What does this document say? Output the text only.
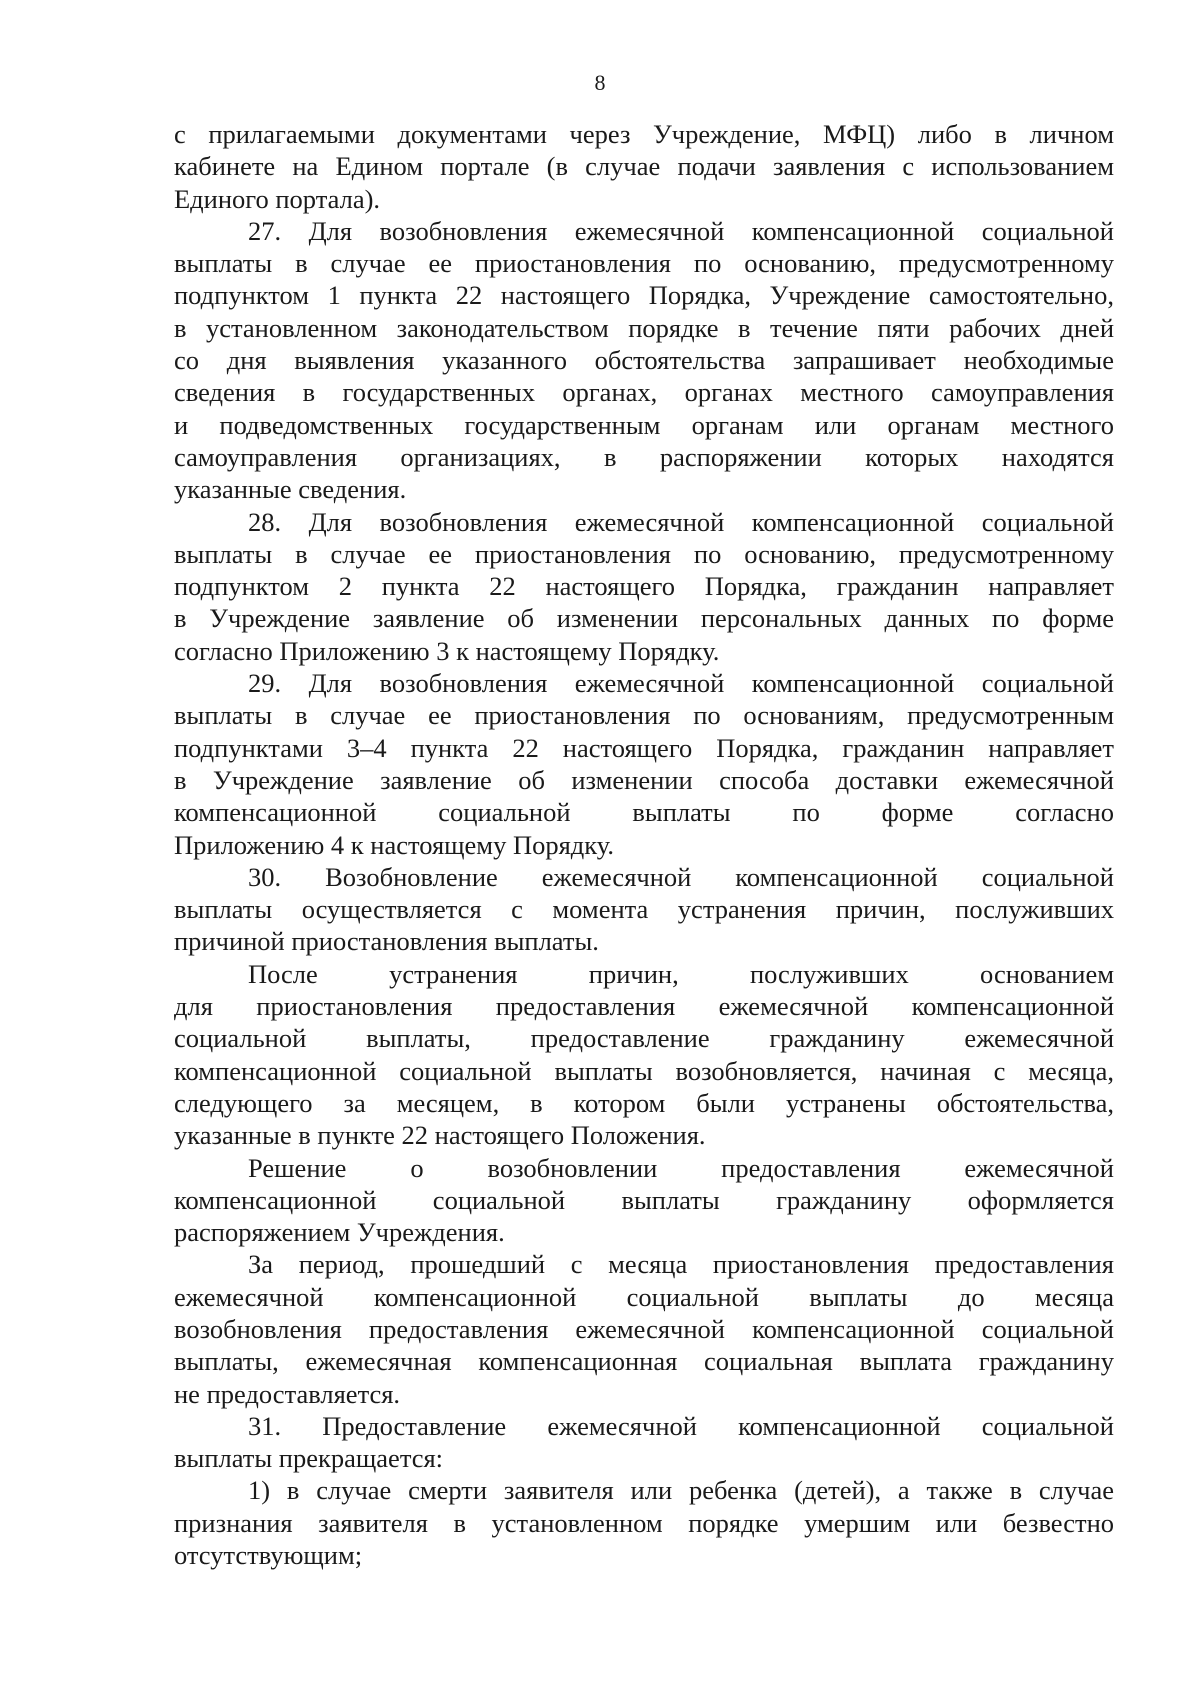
8
с прилагаемыми документами через Учреждение, МФЦ) либо в личном
кабинете на Едином портале (в случае подачи заявления с использованием
Единого портала).
27. Для возобновления ежемесячной компенсационной социальной
выплаты в случае ее приостановления по основанию, предусмотренному
подпунктом 1 пункта 22 настоящего Порядка, Учреждение самостоятельно,
в установленном законодательством порядке в течение пяти рабочих дней
со дня выявления указанного обстоятельства запрашивает необходимые
сведения в государственных органах, органах местного самоуправления
и подведомственных государственным органам или органам местного
самоуправления организациях, в распоряжении которых находятся
указанные сведения.
28. Для возобновления ежемесячной компенсационной социальной
выплаты в случае ее приостановления по основанию, предусмотренному
подпунктом 2 пункта 22 настоящего Порядка, гражданин направляет
в Учреждение заявление об изменении персональных данных по форме
согласно Приложению 3 к настоящему Порядку.
29. Для возобновления ежемесячной компенсационной социальной
выплаты в случае ее приостановления по основаниям, предусмотренным
подпунктами 3–4 пункта 22 настоящего Порядка, гражданин направляет
в Учреждение заявление об изменении способа доставки ежемесячной
компенсационной социальной выплаты по форме согласно
Приложению 4 к настоящему Порядку.
30. Возобновление ежемесячной компенсационной социальной
выплаты осуществляется с момента устранения причин, послуживших
причиной приостановления выплаты.
После устранения причин, послуживших основанием
для приостановления предоставления ежемесячной компенсационной
социальной выплаты, предоставление гражданину ежемесячной
компенсационной социальной выплаты возобновляется, начиная с месяца,
следующего за месяцем, в котором были устранены обстоятельства,
указанные в пункте 22 настоящего Положения.
Решение о возобновлении предоставления ежемесячной
компенсационной социальной выплаты гражданину оформляется
распоряжением Учреждения.
За период, прошедший с месяца приостановления предоставления
ежемесячной компенсационной социальной выплаты до месяца
возобновления предоставления ежемесячной компенсационной социальной
выплаты, ежемесячная компенсационная социальная выплата гражданину
не предоставляется.
31. Предоставление ежемесячной компенсационной социальной
выплаты прекращается:
1) в случае смерти заявителя или ребенка (детей), а также в случае
признания заявителя в установленном порядке умершим или безвестно
отсутствующим;
